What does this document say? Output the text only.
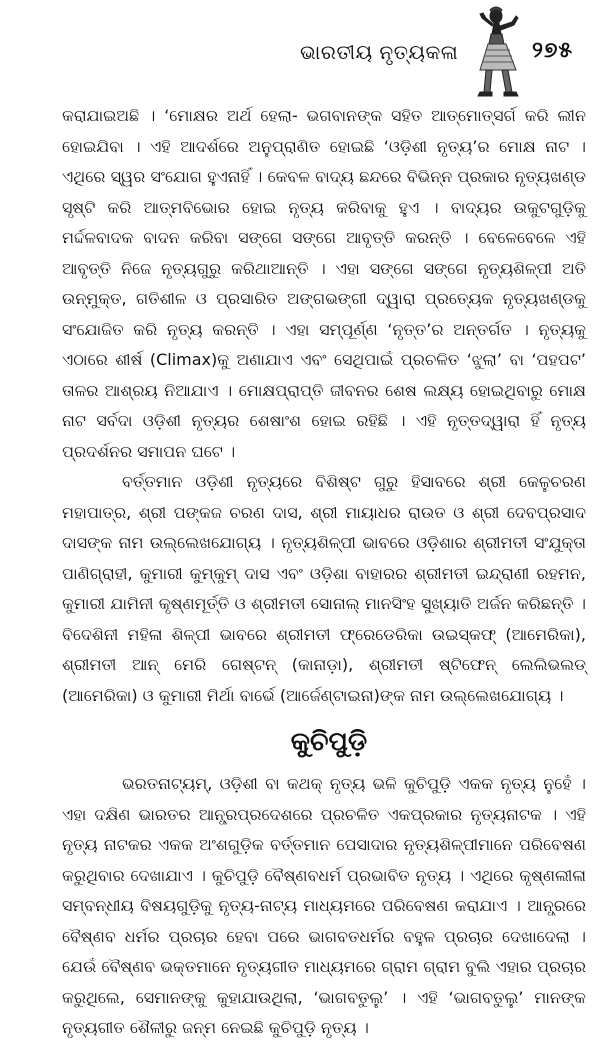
ଭାରତୀୟ ନୃତ୍ୟକଳା	୨୭୫

କରାଯାଇଅଛି । ‘ମୋକ୍ଷର ଅର୍ଥ ହେଲା- ଭଗବାନଙ୍କ ସହିତ ଆତ୍ମୋତ୍ସର୍ଗ କରି ଲୀନ ହୋଇଯିବା । ଏହି ଆଦର୍ଶରେ ଅନୁପ୍ରାଣିତ ହୋଇଛି ‘ଓଡ଼ିଶୀ ନୃତ୍ୟ’ର ମୋକ୍ଷ ନାଟ । ଏଥିରେ ସ୍ୱର ସଂଯୋଗ ହୁଏନାହିଁ । କେବଳ ବାଦ୍ୟ ଛନ୍ଦରେ ବିଭିନ୍ନ ପ୍ରକାର ନୃତ୍ୟଖଣ୍ଡ ସୃଷ୍ଟି କରି ଆତ୍ମବିଭୋର ହୋଇ ନୃତ୍ୟ କରିବାକୁ ହୁଏ । ବାଦ୍ୟର ଉକୁଟଗୁଡ଼ିକୁ ମର୍ଦ୍ଦଳବାଦକ ବାଦନ କରିବା ସଙ୍ଗେ ସଙ୍ଗେ ଆବୃତ୍ତି କରନ୍ତି । ବେଳେବେଳେ ଏହି ଆବୃତ୍ତି ନିଜେ ନୃତ୍ୟଗୁରୁ କରିଥାଆନ୍ତି । ଏହା ସଙ୍ଗେ ସଙ୍ଗେ ନୃତ୍ୟଶିଳ୍ପୀ ଅତି ଉନ୍ମୁକ୍ତ, ଗତିଶୀଳ ଓ ପ୍ରସାରିତ ଅଙ୍ଗଭଙ୍ଗୀ ଦ୍ୱାରା ପ୍ରତ୍ୟେକ ନୃତ୍ୟଖଣ୍ଡକୁ ସଂଯୋଜିତ କରି ନୃତ୍ୟ କରନ୍ତି । ଏହା ସମ୍ପୂର୍ଣ୍ଣ ‘ନୃତ୍ତ’ର ଅନ୍ତର୍ଗତ । ନୃତ୍ୟକୁ ଏଠାରେ ଶୀର୍ଷ (Climax)କୁ ଅଣାଯାଏ ଏବଂ ସେଥିପାଇଁ ପ୍ରଚଳିତ ‘ଝୁଲା’ ବା ‘ପହପଟ’ ତାଳର ଆଶ୍ରୟ ନିଆଯାଏ । ମୋକ୍ଷପ୍ରାପ୍ତି ଜୀବନର ଶେଷ ଲକ୍ଷ୍ୟ ହୋଇଥିବାରୁ ମୋକ୍ଷ ନାଟ ସର୍ବଦା ଓଡ଼ିଶୀ ନୃତ୍ୟର ଶେଷାଂଶ ହୋଇ ରହିଛି । ଏହି ନୃତ୍ତଦ୍ୱାରା ହିଁ ନୃତ୍ୟ ପ୍ରଦର୍ଶନର ସମାପନ ଘଟେ ।

ବର୍ତ୍ତମାନ ଓଡ଼ିଶୀ ନୃତ୍ୟରେ ବିଶିଷ୍ଟ ଗୁରୁ ହିସାବରେ ଶ୍ରୀ କେଳୁଚରଣ ମହାପାତ୍ର, ଶ୍ରୀ ପଙ୍କଜ ଚରଣ ଦାସ, ଶ୍ରୀ ମାୟାଧର ରାଉତ ଓ ଶ୍ରୀ ଦେବପ୍ରସାଦ ଦାସଙ୍କ ନାମ ଉଲ୍ଲେଖଯୋଗ୍ୟ । ନୃତ୍ୟଶିଳ୍ପୀ ଭାବରେ ଓଡ଼ିଶାର ଶ୍ରୀମତୀ ସଂଯୁକ୍ତା ପାଣିଗ୍ରାହୀ, କୁମାରୀ କୁମ୍‌କୁମ୍ ଦାସ ଏବଂ ଓଡ଼ିଶା ବାହାରର ଶ୍ରୀମତୀ ଇନ୍ଦ୍ରାଣୀ ରହମନ, କୁମାରୀ ଯାମିନୀ କୃଷ୍ଣମୂର୍ତ୍ତି ଓ ଶ୍ରୀମତୀ ସୋନାଲ୍ ମାନସିଂହ ସୁଖ୍ୟାତି ଅର୍ଜନ କରିଛନ୍ତି । ବିଦେଶିନୀ ମହିଳା ଶିଳ୍ପୀ ଭାବରେ ଶ୍ରୀମତୀ ଫ୍ରେଡେରିକା ଉଇସ୍‌କଫ୍ (ଆମେରିକା), ଶ୍ରୀମତୀ ଆନ୍ ମେରି ଗେଷ୍ଟନ୍ (କାନାଡ଼ା), ଶ୍ରୀମତୀ ଷ୍ଟିଫେନ୍ ଲେଲିଭଲଡ୍ (ଆମେରିକା) ଓ କୁମାରୀ ମିର୍ଥା ବାର୍ଭେ (ଆର୍ଜେଣ୍ଟାଇନା)ଙ୍କ ନାମ ଉଲ୍ଲେଖଯୋଗ୍ୟ ।

କୁଚିପୁଡ଼ି

ଭରତନାଟ୍ୟମ୍, ଓଡ଼ିଶୀ ବା କଥକ୍ ନୃତ୍ୟ ଭଳି କୁଚିପୁଡ଼ି ଏକକ ନୃତ୍ୟ ନୁହେଁ । ଏହା ଦକ୍ଷିଣ ଭାରତର ଆନ୍ଧ୍ରପ୍ରଦେଶରେ ପ୍ରଚଳିତ ଏକପ୍ରକାର ନୃତ୍ୟନାଟକ । ଏହି ନୃତ୍ୟ ନାଟକର ଏକକ ଅଂଶଗୁଡ଼ିକ ବର୍ତ୍ତମାନ ପେସାଦାର ନୃତ୍ୟଶିଳ୍ପୀମାନେ ପରିବେଷଣ କରୁଥିବାର ଦେଖାଯାଏ । କୁଚିପୁଡ଼ି ବୈଷ୍ଣବଧର୍ମ ପ୍ରଭାବିତ ନୃତ୍ୟ । ଏଥିରେ କୃଷ୍ଣଲୀଳା ସମ୍ବନ୍ଧୀୟ ବିଷୟଗୁଡ଼ିକୁ ନୃତ୍ୟ-ନାଟ୍ୟ ମାଧ୍ୟମରେ ପରିବେଷଣ କରାଯାଏ । ଆନ୍ଧ୍ରରେ ବୈଷ୍ଣବ ଧର୍ମର ପ୍ରଚାର ହେବା ପରେ ଭାଗବତଧର୍ମର ବହୁଳ ପ୍ରଚାର ଦେଖାଦେଲା । ଯେଉଁ ବୈଷ୍ଣବ ଭକ୍ତମାନେ ନୃତ୍ୟଗୀତ ମାଧ୍ୟମରେ ଗ୍ରାମ ଗ୍ରାମ ବୁଲି ଏହାର ପ୍ରଚାର କରୁଥିଲେ, ସେମାନଙ୍କୁ କୁହାଯାଉଥିଲା, ‘ଭାଗବତୁଲୁ’ । ଏହି ‘ଭାଗବତୁଲୁ’ ମାନଙ୍କ ନୃତ୍ୟଗୀତ ଶୈଳୀରୁ ଜନ୍ମ ନେଇଛି କୁଚିପୁଡ଼ି ନୃତ୍ୟ ।
